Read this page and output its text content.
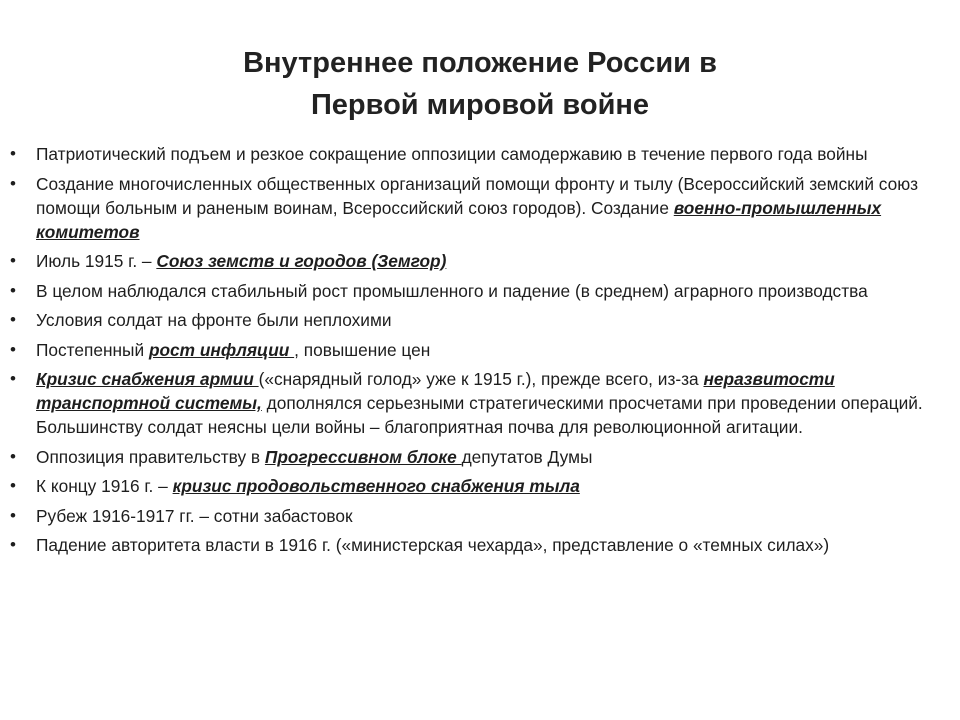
Внутреннее положение России в
Первой мировой войне
• Патриотический подъем и резкое сокращение оппозиции самодержавию в течение первого года войны
• Создание многочисленных общественных организаций помощи фронту и тылу (Всероссийский земский союз помощи больным и раненым воинам, Всероссийский союз городов). Создание военно-промышленных комитетов
• Июль 1915 г. – Союз земств и городов (Земгор)
• В целом наблюдался стабильный рост промышленного и падение (в среднем) аграрного производства
• Условия солдат на фронте были неплохими
• Постепенный рост инфляции , повышение цен
• Кризис снабжения армии («снарядный голод» уже к 1915 г.), прежде всего, из-за неразвитости транспортной системы, дополнялся серьезными стратегическими просчетами при проведении операций. Большинству солдат неясны цели войны – благоприятная почва для революционной агитации.
• Оппозиция правительству в Прогрессивном блоке депутатов Думы
• К концу 1916 г. – кризис продовольственного снабжения тыла
• Рубеж 1916-1917 гг. – сотни забастовок
• Падение авторитета власти в 1916 г. («министерская чехарда», представление о «темных силах»)
